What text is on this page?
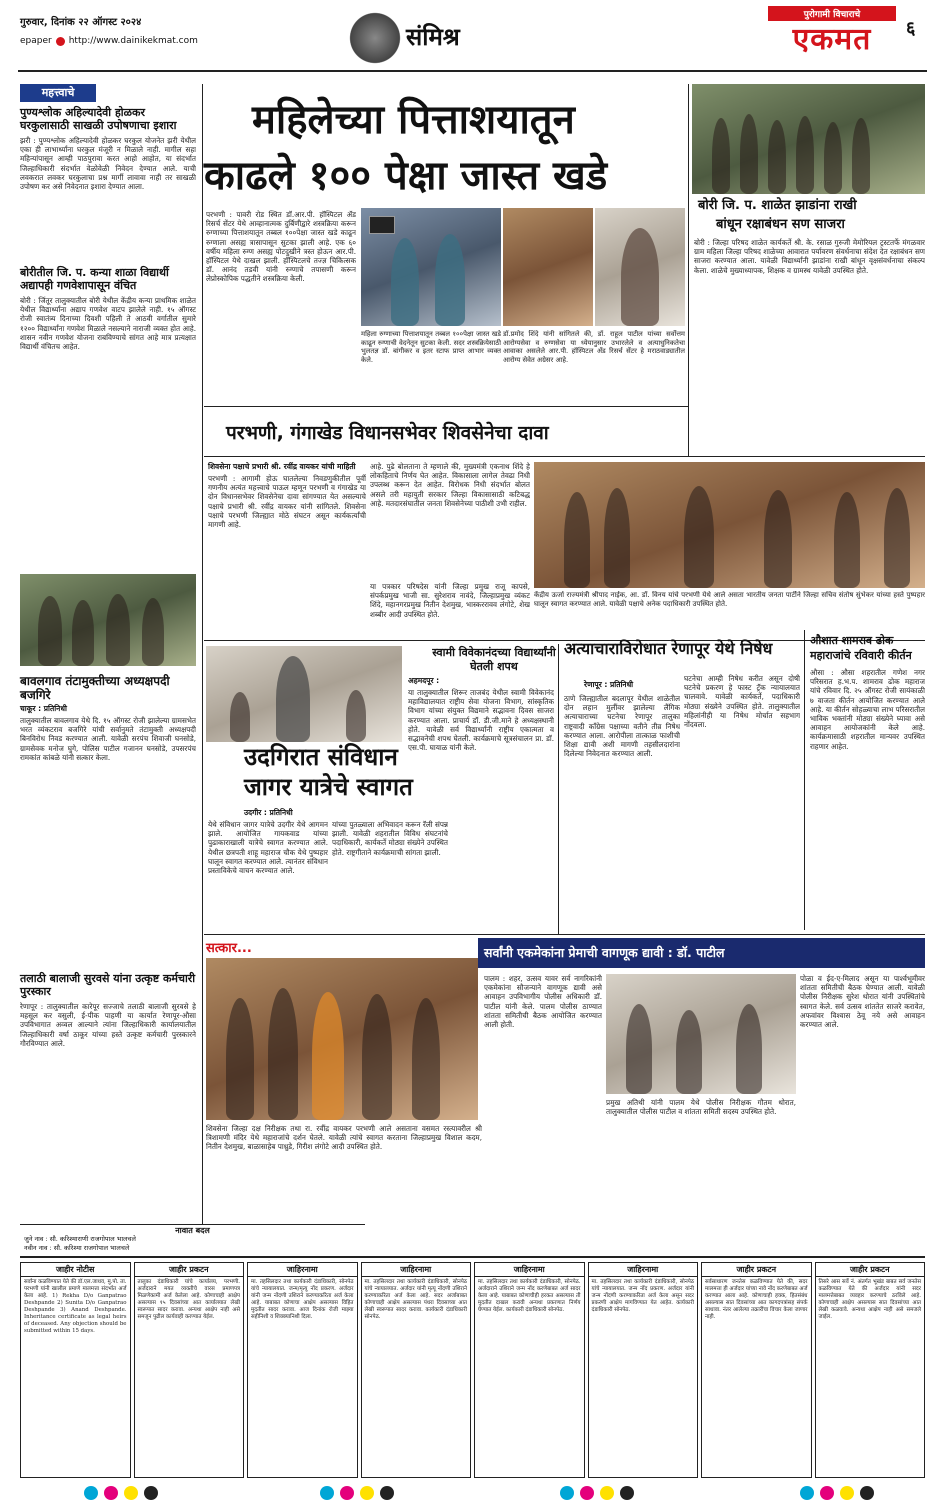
गुरुवार, दिनांक २२ ऑगस्ट २०२४
epaper http://www.dainikekmat.com	संमिश्र
पुरोगामी विचाराचे
एकमत	६
महत्त्वाचे
पुण्यश्लोक अहिल्यादेवी होळकर घरकुलासाठी साखळी उपोषणाचा इशारा
झरी : पुण्यश्लोक अहिल्यादेवी होळकर घरकुल योजनेत झरी येथील एका ही लाभार्थ्यांना घरकुल मंजूरी न मिळाले नाही. मागील सहा महिन्यांपासून आम्ही पाठपुरावा करत आहो आहोत, या संदर्भात जिल्हाधिकारी संदर्भात वेळोवेळी निवेदन देण्यात आले. याची लवकरात लवकर घरकुलाचा प्रश्न मार्गी लावावा नाही तर साखळी उपोषण कर असे निवेदनात इशारा देण्यात आला.
बोरीतील जि. प. कन्या शाळा विद्यार्थी अद्यापही गणवेशापासून वंचित
बोरी : जिंतूर तालुक्यातील बोरी येथील केंद्रीय कन्या प्राथमिक शाळेत येथील विद्यार्थ्यांना अद्याप गणवेश वाटप झालेले नाही. १५ ऑगस्ट रोजी स्वातंत्र्य दिनाच्या दिवशी पहिली ते आठवी वर्गातील सुमारे १२०० विद्यार्थ्यांना गणवेश मिळाले नसल्याने नाराजी व्यक्त होत आहे. शासन नवीन गणवेश योजना राबविण्याचे सांगत आहे मात्र प्रत्यक्षात विद्यार्थी वंचितच आहेत.
बावलगाव तंटामुक्तीच्या अध्यक्षपदी बजगिरे
चाकूर : प्रतिनिधी
तालुक्यातील बावलगाव येथे दि. १५ ऑगस्ट रोजी झालेल्या ग्रामसभेत भरत व्यंकटराव बजगिरे यांची सर्वानुमते तंटामुक्ती अध्यक्षपदी बिनविरोध निवड करण्यात आली. यावेळी सरपंच शिवाजी घनसोडे, ग्रामसेवक मनोज घुगे, पोलिस पाटील गजानन घनसोडे, उपसरपंच रामकांत कांबळे यांनी सत्कार केला.
तलाठी बालाजी सुरवसे यांना उत्कृष्ट कर्मचारी पुरस्कार
रेणापूर : तालुक्यातील कारेपूर सज्जाचे तलाठी बालाजी सुरवसे हे महसूल कर वसुली, ई-पीक पाहणी या कार्यात रेणापूर-औसा उपविभागात अव्वल आल्याने त्यांना जिल्हाधिकारी कार्यालयातील जिल्हाधिकारी वर्षा ठाकूर यांच्या हस्ते उत्कृष्ट कर्मचारी पुरस्कारने गौरविण्यात आले.
नावात बदल
जुने नाव : सौ. करिश्माराणी राजगोपाल भालचले
नवीन नाव : सौ. करिश्मा राजगोपाल भालचले
महिलेच्या पित्ताशयातून
काढले १०० पेक्षा जास्त खडे
परभणी : पावरी रोड स्थित डॉ.आर.पी. हॉस्पिटल ॲड रिसर्च सेंटर येथे आव्हानात्मक दुर्बिणीद्वारे शस्त्रक्रिया करून रुग्णाच्या पित्ताशयातून तब्बल १००पेक्षा जास्त खडे काढून रुग्णाला असह्य त्रासापासून सुटका झाली आहे. एक ६० वर्षीय महिला रुग्ण असह्य पोटदुखीने त्रस्त होऊन आर.पी. हॉस्पिटल येथे दाखल झाली. हॉस्पिटलचे तज्ज्ञ चिकित्सक डॉ. आनंद तडवी यांनी रुग्णाचे तपासणी करून लेप्रोस्कोपिक पद्धतीने शस्त्रक्रिया केली.
महिला रुग्णाच्या पित्ताशयातून तब्बल १००पेक्षा जास्त खडे काढून रुग्णाची वेदनेतून सुटका केली. सदर शस्त्रक्रियेसाठी भुलतज्ञ डॉ. बांगीकर व इतर स्टाफ प्राप्त आभार व्यक्त केले.
डॉ.प्रमोद शिंदे यांनी सांगितले की, डॉ. राहूल पाटील यांच्या सर्वोत्तम आरोग्यसेवा व रुग्णसेवा या ध्येयानुसार उभारलेले व अत्याधुनिकतेचा आवाका असलेले आर.पी. हॉस्पिटल अँड रिसर्च सेंटर हे मराठवाड्यातील आरोग्य सेवेत अग्रेसर आहे.
बोरी जि. प. शाळेत झाडांना राखी
बांधून रक्षाबंधन सण साजरा
बोरी : जिल्हा परिषद शाळेत कार्यकर्ते श्री. के. रसाळ गुरुजी मेमोरियल ट्रस्टतर्फे मंगळवार ग्राम महिला जिल्हा परिषद शाळेच्या आवारात पर्यावरण संवर्धनाचा संदेश देत रक्षाबंधन सण साजरा करण्यात आला. यावेळी विद्यार्थ्यांनी झाडांना राखी बांधून वृक्षसंवर्धनाचा संकल्प केला. शाळेचे मुख्याध्यापक, शिक्षक व ग्रामस्थ यावेळी उपस्थित होते.
परभणी, गंगाखेड विधानसभेवर शिवसेनेचा दावा
शिवसेना पक्षाचे प्रभारी श्री. रवींद्र वायकर यांची माहिती
परभणी : आगामी होऊ घातलेल्या निवडणुकीतील पूर्वी गणनीय अत्यंत महत्त्वाचे पाऊल म्हणून परभणी व गंगाखेड या दोन विधानसभेवर शिवसेनेचा दावा सांगण्यात येत असल्याचे पक्षाचे प्रभारी श्री. रवींद्र वायकर यांनी सांगितले. शिवसेना पक्षाचे परभणी जिल्ह्यात मोठे संघटन असून कार्यकर्त्यांची मागणी आहे.
आहे. पुढे बोलताना ते म्हणाले की, मुख्यमंत्री एकनाथ शिंदे हे लोकहिताचे निर्णय घेत आहेत. विकासाला लागेल तेवढा निधी उपलब्ध करून देत आहेत. विरोधक निधी संदर्भात बोलत असले तरी महायुती सरकार जिल्हा विकासासाठी कटिबद्ध आहे. मतदारसंघातील जनता शिवसेनेच्या पाठीशी उभी राहील.
या पत्रकार परिषदेस यांनी जिल्हा प्रमुख राजू कापसे, संपर्कप्रमुख भाजी सा. सुरेशराव नावंदे, जिल्हाप्रमुख व्यंकट शिंदे, महानगरप्रमुख नितीन देशमुख, भास्कररावव लंगोटे, शेख शब्बीर आदी उपस्थित होते.
केंद्रीय ऊर्जा राज्यमंत्री श्रीपाद नाईक, आ. डॉ. विनय यांचे परभणी येथे आले असता भारतीय जनता पार्टीने जिल्हा सचिव संतोष सुंभेकर यांच्या हस्ते पुष्पहार घालून स्वागत करण्यात आले. यावेळी पक्षाचे अनेक पदाधिकारी उपस्थित होते.
उदगिरात संविधान
जागर यात्रेचे स्वागत
उदगीर : प्रतिनिधी
येथे संविधान जागर यात्रेचे उदगीर येथे आगमन झाले. आयोजित गायकवाड यांच्या पुढाकाराखाली यात्रेचे स्वागत करण्यात आले. येथील छत्रपती शाहू महाराज चौक येथे पुष्पहार घालून स्वागत करण्यात आले. त्यानंतर संविधान प्रस्ताविकेचे वाचन करण्यात आले.
यांच्या पुतळ्याला अभिवादन करून रॅली संपन्न झाली. यावेळी शहरातील विविध संघटनांचे पदाधिकारी, कार्यकर्ते मोठ्या संख्येने उपस्थित होते. राष्ट्रगीताने कार्यक्रमाची सांगता झाली.
स्वामी विवेकानंदच्या विद्यार्थ्यांनी घेतली शपथ
अहमदपूर :
या तालुक्यातील शिरूर ताजबंद येथील स्वामी विवेकानंद महाविद्यालयात राष्ट्रीय सेवा योजना विभाग, सांस्कृतिक विभाग यांच्या संयुक्त विद्यमाने सद्भावना दिवस साजरा करण्यात आला. प्राचार्य डॉ. डी.जी.माने हे अध्यक्षस्थानी होते. यावेळी सर्व विद्यार्थ्यांनी राष्ट्रीय एकात्मता व सद्भावनेची शपथ घेतली. कार्यक्रमाचे सूत्रसंचालन प्रा. डॉ. एस.पी. घायाळ यांनी केले.
अत्याचाराविरोधात रेणापूर येथे निषेध
रेणापूर : प्रतिनिधी
ठाणे जिल्ह्यातील बदलापूर येथील शाळेतील दोन लहान मुलींवर झालेल्या लैंगिक अत्याचाराच्या घटनेचा रेणापूर तालुका राष्ट्रवादी काँग्रेस पक्षाच्या वतीने तीव्र निषेध करण्यात आला. आरोपीला तात्काळ फाशीची शिक्षा द्यावी अशी मागणी तहसीलदारांना दिलेल्या निवेदनात करण्यात आली.
घटनेचा आम्ही निषेध करीत असून दोषी घटनेचे प्रकरण हे फास्ट ट्रॅक न्यायालयात चालवावे. यावेळी कार्यकर्ते, पदाधिकारी मोठ्या संख्येने उपस्थित होते. तालुक्यातील महिलांनीही या निषेध मोर्चात सहभाग नोंदवला.
औशात शामराव ढोक
महाराजांचे रविवारी कीर्तन
औसा : औसा शहरातील गणेश नगर परिसरात ह.भ.प. शामराव ढोक महाराज यांचे रविवार दि. २५ ऑगस्ट रोजी सायंकाळी ७ वाजता कीर्तन आयोजित करण्यात आले आहे. या कीर्तन सोहळ्याचा लाभ परिसरातील भाविक भक्तांनी मोठ्या संख्येने घ्यावा असे आवाहन आयोजकांनी केले आहे. कार्यक्रमासाठी शहरातील मान्यवर उपस्थित राहणार आहेत.
सत्कार...
शिवसेना जिल्हा दक्ष निरीक्षक तथा रा. रवींद्र वायकर परभणी आले असताना वसमत रस्त्यावरील श्री त्रिशामणी मंदिर येथे महाराजांचे दर्शन घेतले. यावेळी त्यांचे स्वागत करताना जिल्हाप्रमुख विशाल कदम, नितीन देशमुख, बाळासाहेब पाथ्रुडे, गिरीश लंगोटे आदी उपस्थित होते.
सर्वांनी एकमेकांना प्रेमाची वागणूक द्यावी : डॉ. पाटील
पालम : शहर, उत्सव यावर सर्व नागरिकांनी एकमेकांना सौजन्याने वागणूक द्यावी असे आवाहन उपविभागीय पोलीस अधिकारी डॉ. पाटील यांनी केले. पालम पोलीस ठाण्यात शांतता समितीची बैठक आयोजित करण्यात आली होती.
प्रमुख अतिथी यांनी पालम येथे पोलीस निरीक्षक गौतम थोरात, तालुक्यातील पोलीस पाटील व शांतता समिती सदस्य उपस्थित होते.
पोळा व ईद-ए-मिलाद असून या पार्श्वभूमीवर शांतता समितीची बैठक घेण्यात आली. यावेळी पोलीस निरीक्षक सुरेश थोरात यांनी उपस्थितांचे स्वागत केले. सर्व उत्सव शांततेत साजरे करावेत, अफवांवर विश्वास ठेवू नये असे आवाहन करण्यात आले.
जाहीर नोटीस
सर्वांना कळविण्यात येते की डॉ.एल.जाधव, मु.पो. ता. परभणी यांनी खालील प्रमाणे मालमत्ता संदर्भात अर्ज केला आहे. 1) Rekha D/o Ganpatrao Deshpande 2) Sunita D/o Ganpatrao Deshpande 3) Anand Deshpande. Inheritance certificate as legal heirs of deceased. Any objection should be submitted within 15 days.
जाहीर प्रकटन
तालुका दंडाधिकारी यांचे कार्यालय, परभणी. अर्जदाराने मयत व्यक्तीचे वारस प्रमाणपत्र मिळणेकामी अर्ज केलेला आहे. कोणाचाही आक्षेप असल्यास १५ दिवसांच्या आत कार्यालयात लेखी स्वरूपात सादर करावा. अन्यथा आक्षेप नाही असे समजून पुढील कार्यवाही करण्यात येईल.
जाहिरनामा
मा. तहसिलदार तथा कार्यकारी दंडाधिकारी, सोनपेठ यांचे न्यायालयात. जन्म/मृत्यू नोंद प्रकरण. अर्जदार यांनी जन्म नोंदणी उशिराने करण्याकरिता अर्ज केला आहे. याबाबत कोणाचा आक्षेप असल्यास विहित मुदतीत सादर करावा. आज दिनांक रोजी माझ्या सहीनिशी व शिक्क्यानिशी दिला.
जाहिरनामा
मा. तहसिलदार तथा कार्यकारी दंडाधिकारी, सोनपेठ यांचे न्यायालयात. अर्जदार यांनी मृत्यू नोंदणी उशिराने करण्याकरिता अर्ज केला आहे. सदर अर्जाबाबत कोणाचाही आक्षेप असल्यास पंधरा दिवसाच्या आत लेखी स्वरूपात सादर करावा. कार्यकारी दंडाधिकारी सोनपेठ.
जाहिरनामा
मा. तहसिलदार तथा कार्यकारी दंडाधिकारी, सोनपेठ. अर्जदाराने उशिराने जन्म नोंद करणेबाबत अर्ज सादर केला आहे. याबाबत कोणाचीही हरकत असल्यास ती मुदतीत दाखल करावी अन्यथा प्रकरणात निर्णय घेण्यात येईल. कार्यकारी दंडाधिकारी सोनपेठ.
जाहिरनामा
मा. तहसिलदार तथा कार्यकारी दंडाधिकारी, सोनपेठ यांचे न्यायालयात. जन्म नोंद प्रकरण. अर्जदार यांनी जन्म नोंदणी करण्याकरिता अर्ज केला असून सदर प्रकरणी आक्षेप मागविण्यात येत आहेत. कार्यकारी दंडाधिकारी सोनपेठ.
जाहीर प्रकटन
सर्वसाधारण जनतेस कळविण्यात येते की, सदर मालमत्ता ही अर्जदार यांच्या नावे नोंद करणेबाबत अर्ज करण्यात आला आहे. कोणाचाही हक्क, हितसंबंध असल्यास सात दिवसांच्या आत कागदपत्रांसह संपर्क साधावा. नंतर आलेल्या तक्रारींचा विचार केला जाणार नाही.
जाहीर प्रकटन
तिसरे आस सर्वे नं. अंतर्गत भूखंड बाबत सर्व जनतेस कळविण्यात येते की अर्जदार यांनी सदर मालमत्तेबाबत व्यवहार करण्याचे ठरविले आहे. कोणाचाही आक्षेप असल्यास सात दिवसांच्या आत लेखी कळवावे. अन्यथा आक्षेप नाही असे समजले जाईल.
